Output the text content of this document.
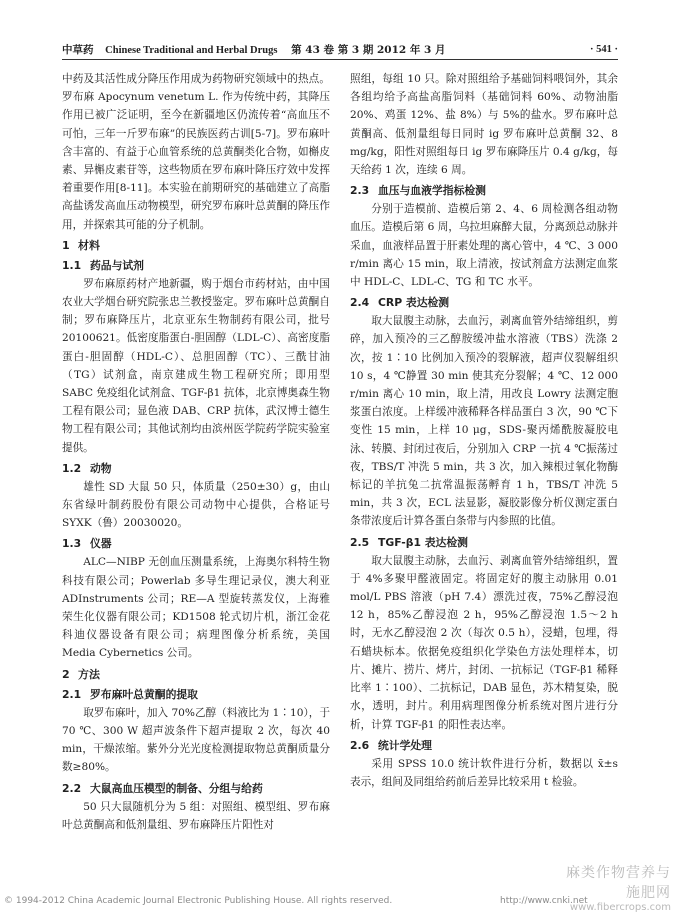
中草药 Chinese Traditional and Herbal Drugs 第 43 卷 第 3 期 2012 年 3 月	· 541 ·

中药及其活性成分降压作用成为药物研究领域中的热点。罗布麻 Apocynum venetum L. 作为传统中药，其降压作用已被广泛证明，至今在新疆地区仍流传着“高血压不可怕，三年一斤罗布麻”的民族医药古训[5-7]。罗布麻叶含丰富的、有益于心血管系统的总黄酮类化合物，如槲皮素、异槲皮素苷等，这些物质在罗布麻叶降压疗效中发挥着重要作用[8-11]。本实验在前期研究的基础建立了高脂高盐诱发高血压动物模型，研究罗布麻叶总黄酮的降压作用，并探索其可能的分子机制。

1 材料
1.1 药品与试剂

罗布麻原药材产地新疆，购于烟台市药材站，由中国农业大学烟台研究院张忠兰教授鉴定。罗布麻叶总黄酮自制；罗布麻降压片，北京亚东生物制药有限公司，批号 20100621。低密度脂蛋白-胆固醇（LDL-C）、高密度脂蛋白-胆固醇（HDL-C）、总胆固醇（TC）、三酰甘油（TG）试剂盒，南京建成生物工程研究所；即用型 SABC 免疫组化试剂盒、TGF-β1 抗体，北京博奥森生物工程有限公司；显色液 DAB、CRP 抗体，武汉博士德生物工程有限公司；其他试剂均由滨州医学院药学院实验室提供。

1.2 动物

雄性 SD 大鼠 50 只，体质量（250±30）g，由山东省绿叶制药股份有限公司动物中心提供，合格证号 SYXK（鲁）20030020。

1.3 仪器

ALC—NIBP 无创血压测量系统，上海奥尔科特生物科技有限公司；Powerlab 多导生理记录仪，澳大利亚 ADInstruments 公司；RE—A 型旋转蒸发仪，上海雅荣生化仪器有限公司；KD1508 轮式切片机，浙江金花科迪仪器设备有限公司；病理图像分析系统，美国 Media Cybernetics 公司。

2 方法
2.1 罗布麻叶总黄酮的提取

取罗布麻叶，加入 70%乙醇（料液比为 1∶10），于 70 ℃、300 W 超声波条件下超声提取 2 次，每次 40 min，干燥浓缩。紫外分光光度检测提取物总黄酮质量分数≥80%。

2.2 大鼠高血压模型的制备、分组与给药

50 只大鼠随机分为 5 组：对照组、模型组、罗布麻叶总黄酮高和低剂量组、罗布麻降压片阳性对

照组，每组 10 只。除对照组给予基础饲料喂饲外，其余各组均给予高盐高脂饲料（基础饲料 60%、动物油脂 20%、鸡蛋 12%、盐 8%）与 5%的盐水。罗布麻叶总黄酮高、低剂量组每日同时 ig 罗布麻叶总黄酮 32、8 mg/kg，阳性对照组每日 ig 罗布麻降压片 0.4 g/kg，每天给药 1 次，连续 6 周。

2.3 血压与血液学指标检测

分别于造模前、造模后第 2、4、6 周检测各组动物血压。造模后第 6 周，乌拉坦麻醉大鼠，分离颈总动脉并采血，血液样品置于肝素处理的离心管中，4 ℃、3 000 r/min 离心 15 min，取上清液，按试剂盒方法测定血浆中 HDL-C、LDL-C、TG 和 TC 水平。

2.4 CRP 表达检测

取大鼠腹主动脉，去血污，剥离血管外结缔组织，剪碎，加入预冷的三乙醇胺缓冲盐水溶液（TBS）洗涤 2 次，按 1∶10 比例加入预冷的裂解液，超声仪裂解组织 10 s，4 ℃静置 30 min 使其充分裂解；4 ℃、12 000 r/min 离心 10 min，取上清，用改良 Lowry 法测定胞浆蛋白浓度。上样缓冲液稀释各样品蛋白 3 次，90 ℃下变性 15 min，上样 10 μg，SDS-聚丙烯酰胺凝胶电泳、转膜、封闭过夜后，分别加入 CRP 一抗 4 ℃振荡过夜，TBS/T 冲洗 5 min，共 3 次，加入辣根过氧化物酶标记的羊抗兔二抗常温振荡孵育 1 h，TBS/T 冲洗 5 min，共 3 次，ECL 法显影，凝胶影像分析仪测定蛋白条带浓度后计算各蛋白条带与内参照的比值。

2.5 TGF-β1 表达检测

取大鼠腹主动脉，去血污、剥离血管外结缔组织，置于 4%多聚甲醛液固定。将固定好的腹主动脉用 0.01 mol/L PBS 溶液（pH 7.4）漂洗过夜，75%乙醇浸泡 12 h，85%乙醇浸泡 2 h，95%乙醇浸泡 1.5～2 h 时，无水乙醇浸泡 2 次（每次 0.5 h），浸蜡，包埋，得石蜡块标本。依据免疫组织化学染色方法处理样本，切片、摊片、捞片、烤片，封闭、一抗标记（TGF-β1 稀释比率 1∶100）、二抗标记，DAB 显色，苏木精复染，脱水，透明，封片。利用病理图像分析系统对图片进行分析，计算 TGF-β1 的阳性表达率。

2.6 统计学处理

采用 SPSS 10.0 统计软件进行分析，数据以 x̄±s 表示，组间及同组给药前后差异比较采用 t 检验。

麻类作物营养与施肥网
www.fibercrops.com
© 1994-2012 China Academic Journal Electronic Publishing House. All rights reserved.	http://www.cnki.net
